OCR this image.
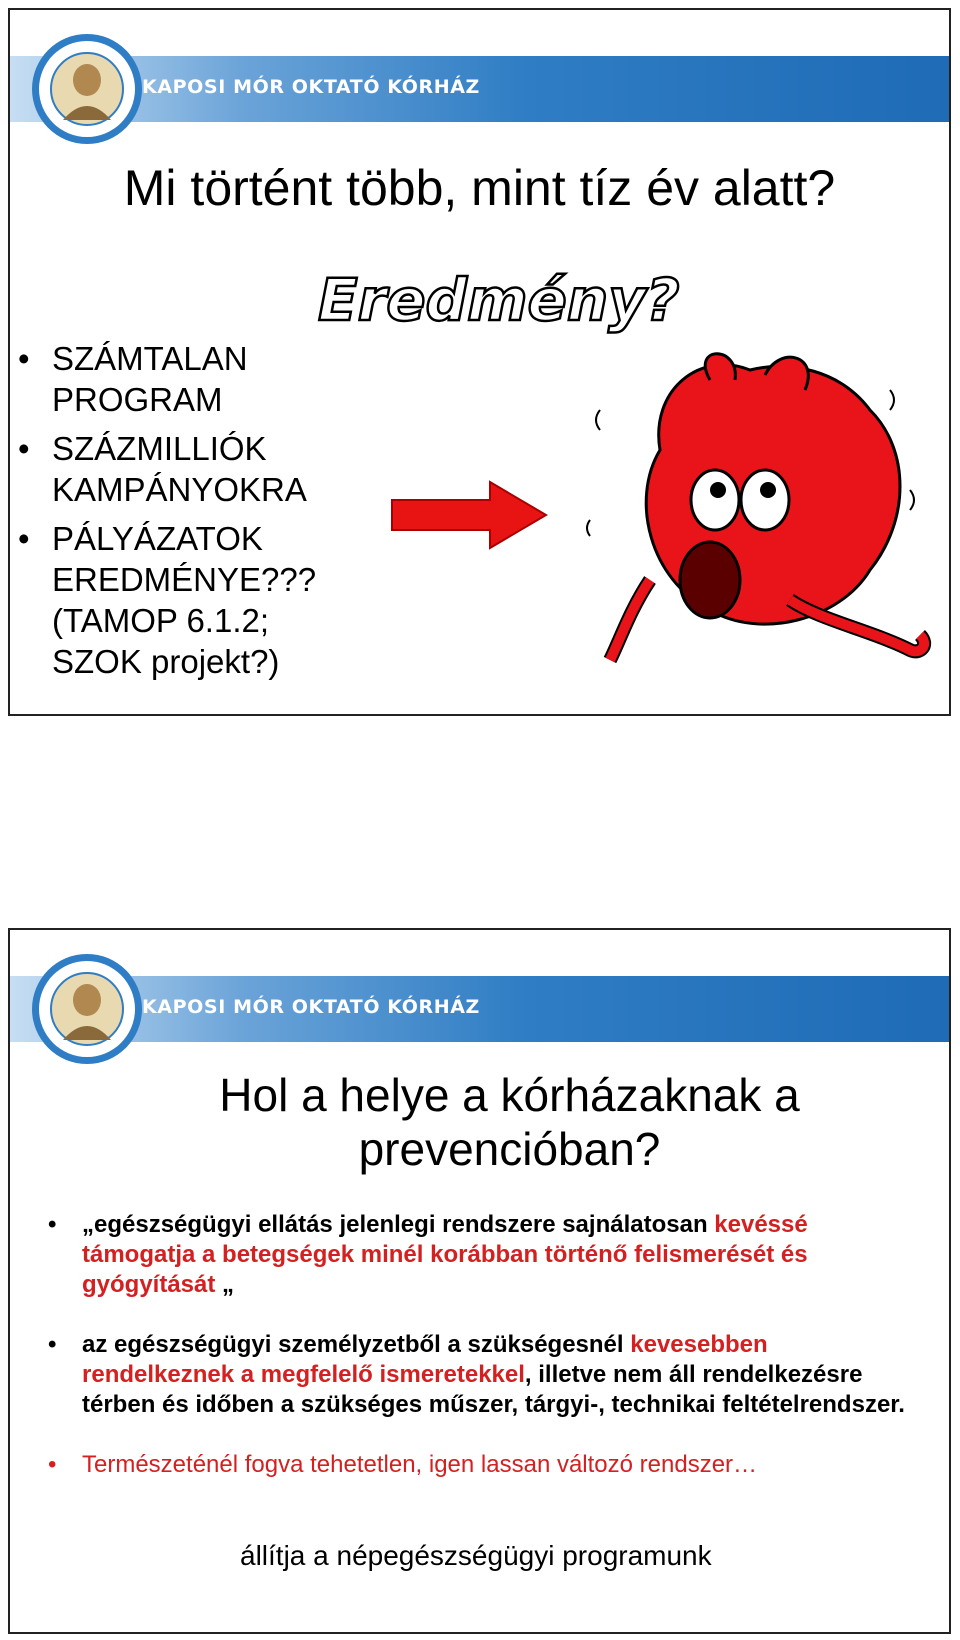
KAPOSI MÓR OKTATÓ KÓRHÁZ
Mi történt több, mint tíz év alatt?
Eredmény?
• SZÁMTALAN
PROGRAM
• SZÁZMILLIÓK
KAMPÁNYOKRA
• PÁLYÁZATOK
EREDMÉNYE???
(TAMOP 6.1.2;
SZOK projekt?)
KAPOSI MÓR OKTATÓ KÓRHÁZ
Hol a helye a kórházaknak a
prevencióban?
• „egészségügyi ellátás jelenlegi rendszere sajnálatosan kevéssé támogatja a betegségek minél korábban történő felismerését és gyógyítását „
• az egészségügyi személyzetből a szükségesnél kevesebben rendelkeznek a megfelelő ismeretekkel, illetve nem áll rendelkezésre térben és időben a szükséges műszer, tárgyi-, technikai feltételrendszer.
• Természeténél fogva tehetetlen, igen lassan változó rendszer…
állítja a népegészségügyi programunk
